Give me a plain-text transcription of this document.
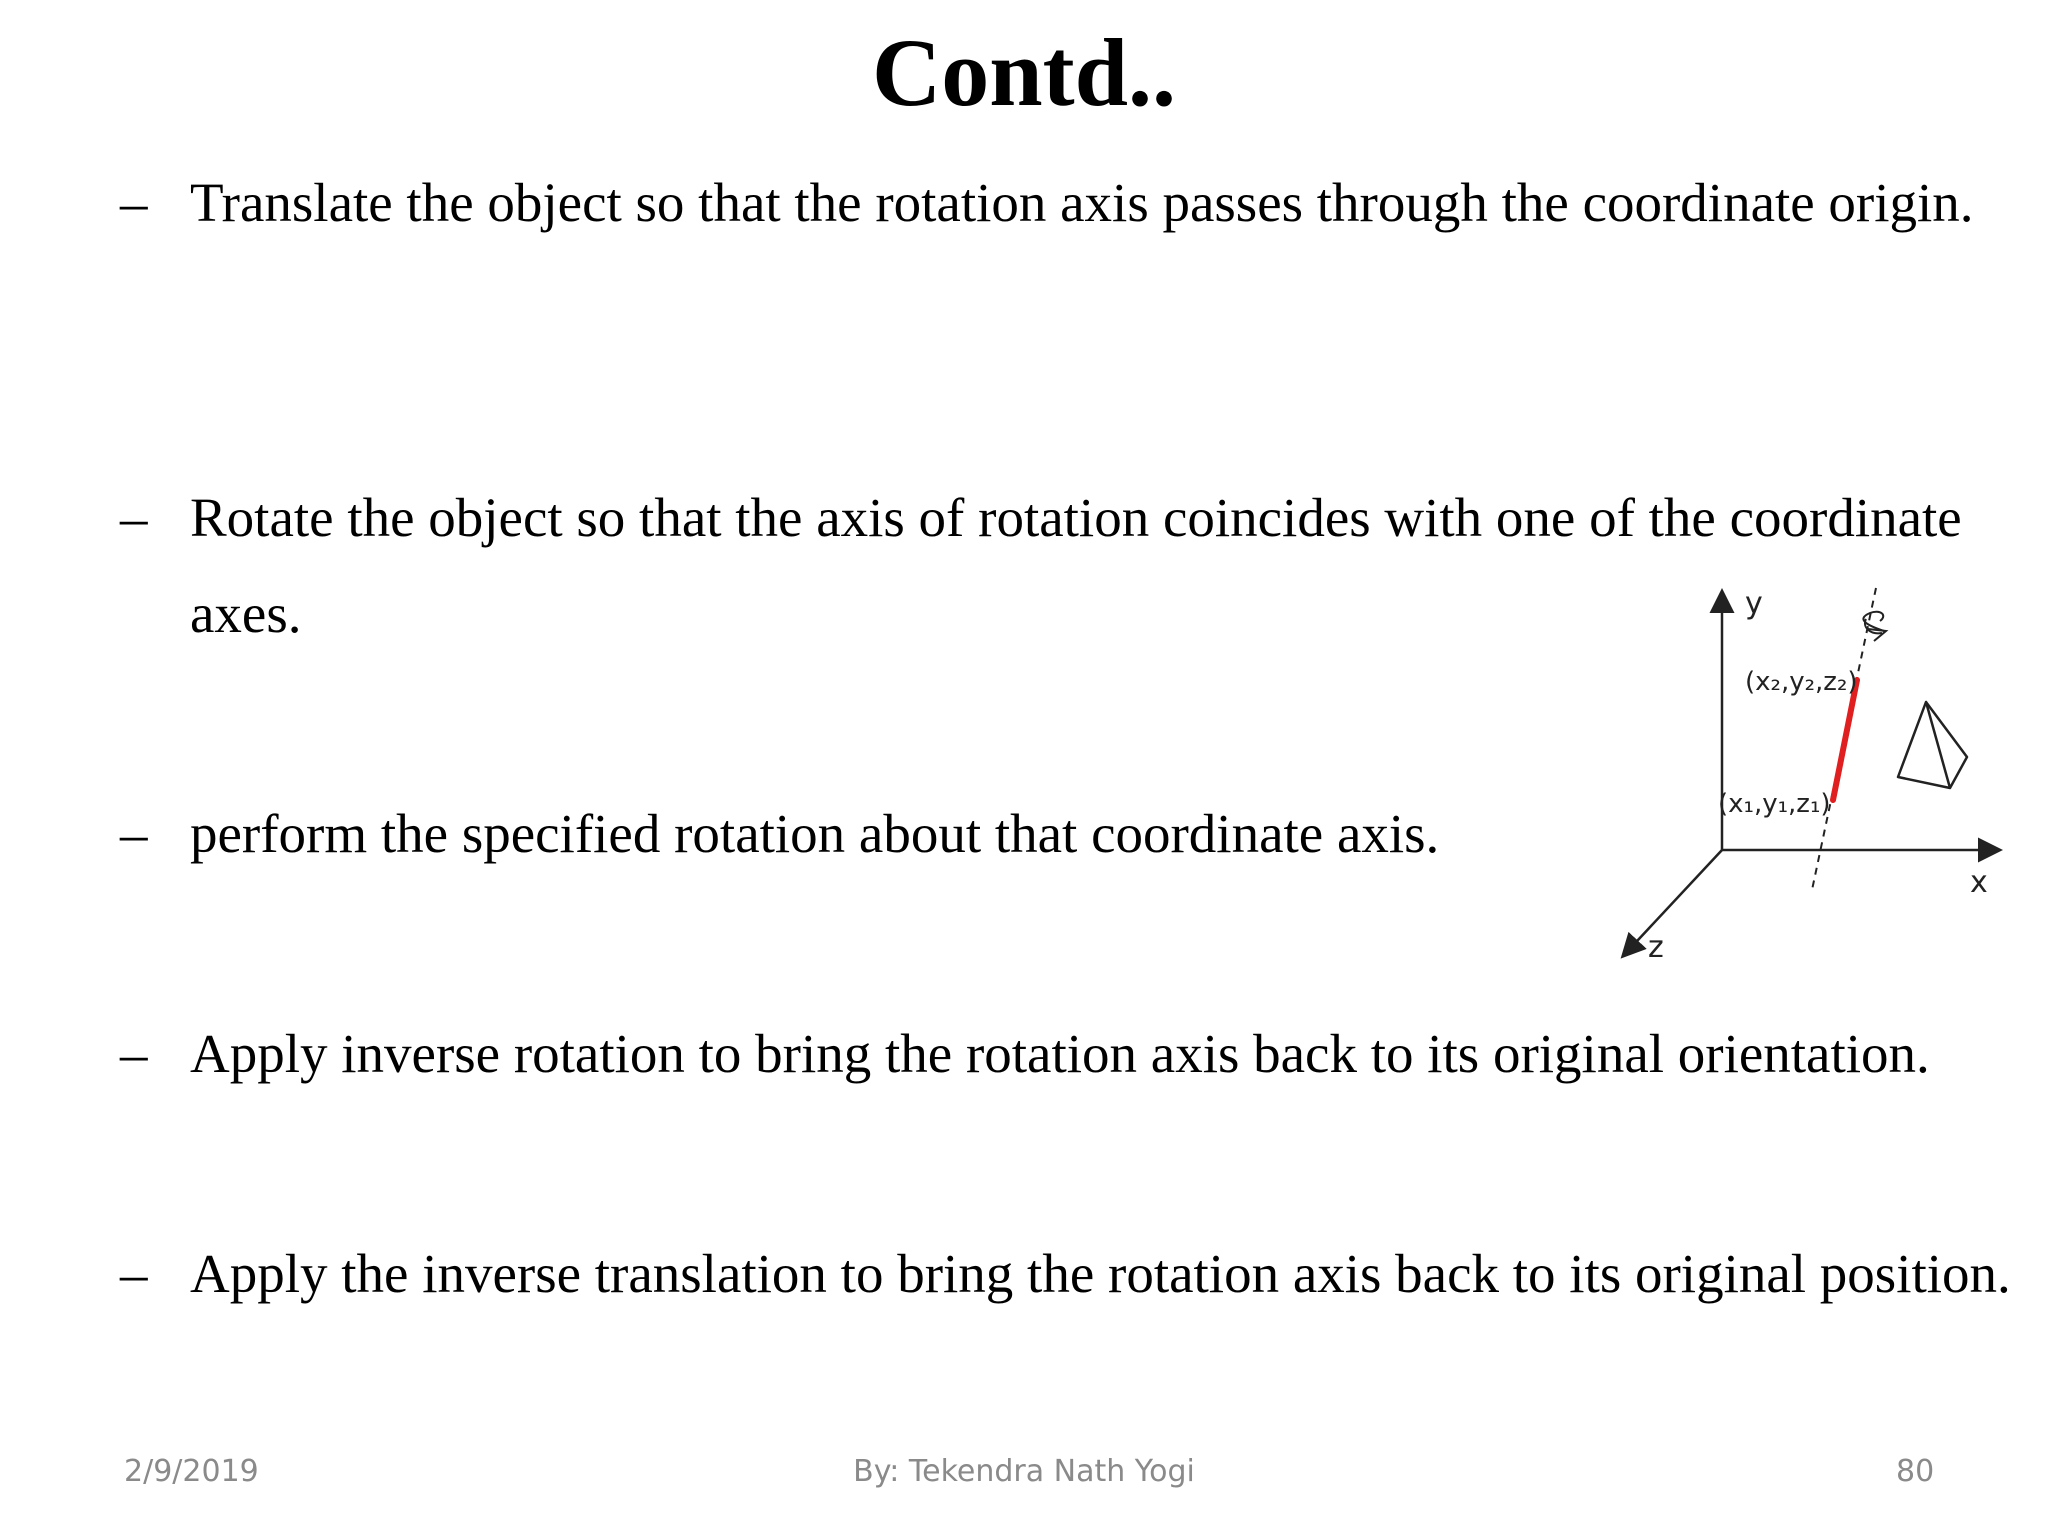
Contd..
– Translate the object so that the rotation axis passes through the coordinate origin.
– Rotate the object so that the axis of rotation coincides with one of the coordinate axes.
– perform the specified rotation about that coordinate axis.
– Apply inverse rotation to bring the rotation axis back to its original orientation.
– Apply the inverse translation to bring the rotation axis back to its original position.
y
x
z
(x₂,y₂,z₂)
(x₁,y₁,z₁)
2/9/2019	By: Tekendra Nath Yogi	80
